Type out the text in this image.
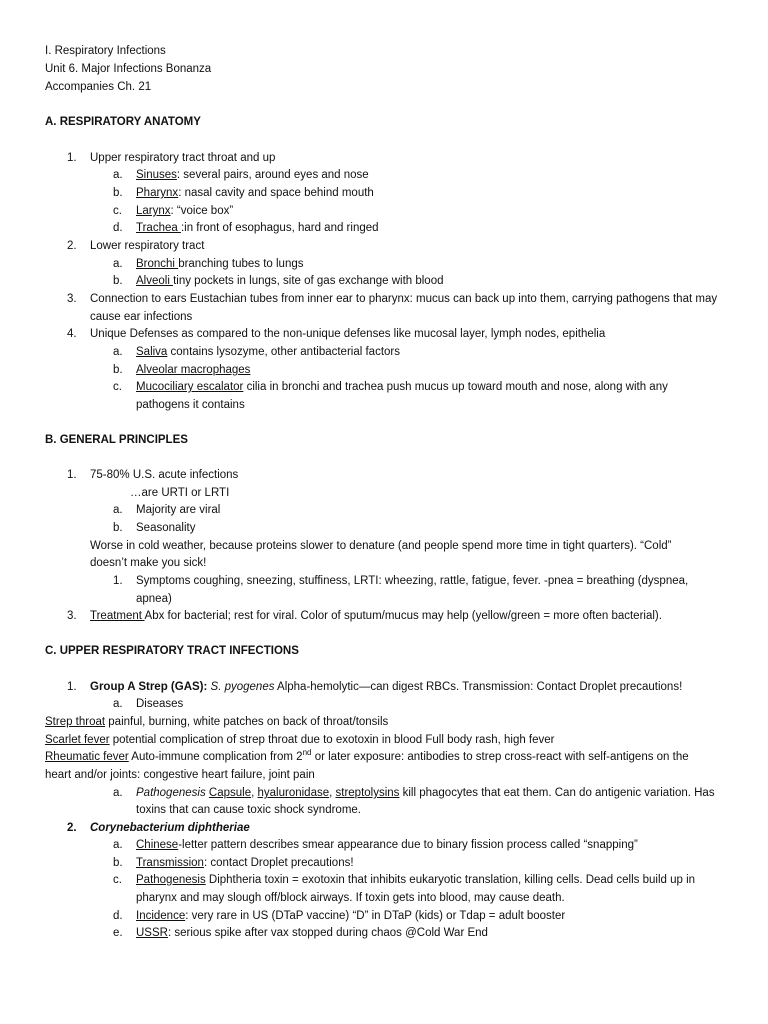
I. Respiratory Infections
Unit 6. Major Infections Bonanza
Accompanies Ch. 21
A. RESPIRATORY ANATOMY
1. Upper respiratory tract throat and up
a. Sinuses: several pairs, around eyes and nose
b. Pharynx: nasal cavity and space behind mouth
c. Larynx: “voice box”
d. Trachea :in front of esophagus, hard and ringed
2. Lower respiratory tract
a. Bronchi branching tubes to lungs
b. Alveoli tiny pockets in lungs, site of gas exchange with blood
3. Connection to ears Eustachian tubes from inner ear to pharynx: mucus can back up into them, carrying pathogens that may
cause ear infections
4. Unique Defenses as compared to the non-unique defenses like mucosal layer, lymph nodes, epithelia
a. Saliva contains lysozyme, other antibacterial factors
b. Alveolar macrophages
c. Mucociliary escalator cilia in bronchi and trachea push mucus up toward mouth and nose, along with any
pathogens it contains
B. GENERAL PRINCIPLES
1. 75-80% U.S. acute infections
…are URTI or LRTI
a. Majority are viral
b. Seasonality
Worse in cold weather, because proteins slower to denature (and people spend more time in tight quarters). “Cold”
doesn’t make you sick!
1. Symptoms coughing, sneezing, stuffiness, LRTI: wheezing, rattle, fatigue, fever. -pnea = breathing (dyspnea,
apnea)
3. Treatment Abx for bacterial; rest for viral. Color of sputum/mucus may help (yellow/green = more often bacterial).
C. UPPER RESPIRATORY TRACT INFECTIONS
1. Group A Strep (GAS): S. pyogenes Alpha-hemolytic—can digest RBCs. Transmission: Contact Droplet precautions!
a. Diseases
Strep throat painful, burning, white patches on back of throat/tonsils
Scarlet fever potential complication of strep throat due to exotoxin in blood Full body rash, high fever
Rheumatic fever Auto-immune complication from 2nd or later exposure: antibodies to strep cross-react with self-antigens on the
heart and/or joints: congestive heart failure, joint pain
a. Pathogenesis Capsule, hyaluronidase, streptolysins kill phagocytes that eat them. Can do antigenic variation. Has
toxins that can cause toxic shock syndrome.
2. Corynebacterium diphtheriae
a. Chinese-letter pattern describes smear appearance due to binary fission process called “snapping”
b. Transmission: contact Droplet precautions!
c. Pathogenesis Diphtheria toxin = exotoxin that inhibits eukaryotic translation, killing cells. Dead cells build up in
pharynx and may slough off/block airways. If toxin gets into blood, may cause death.
d. Incidence: very rare in US (DTaP vaccine) “D” in DTaP (kids) or Tdap = adult booster
e. USSR: serious spike after vax stopped during chaos @Cold War End
